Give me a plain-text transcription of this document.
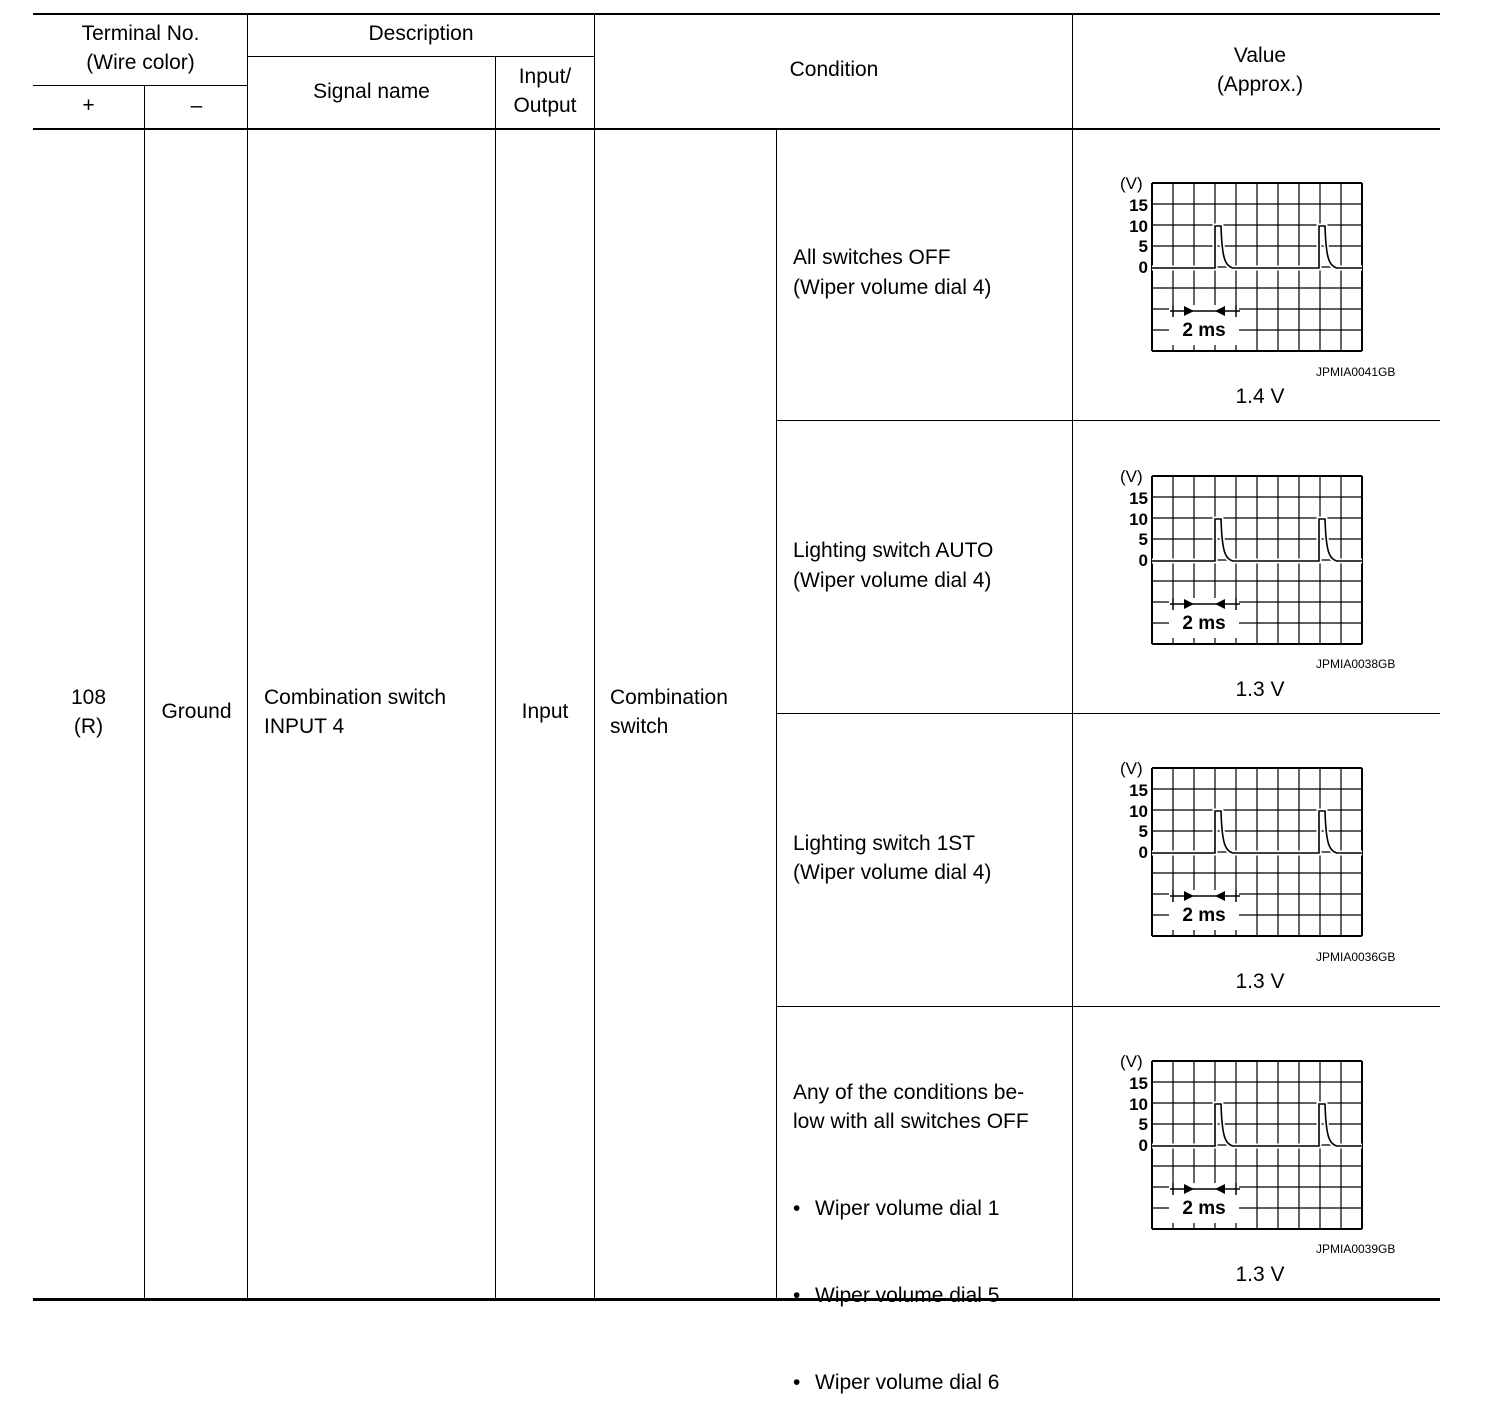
Terminal No.
(Wire color)
+	–
Description
Signal name
Input/
Output
Condition
Value
(Approx.)
108
(R)
Ground
Combination switch
INPUT 4
Input
Combination
switch
All switches OFF
(Wiper volume dial 4)
Lighting switch AUTO
(Wiper volume dial 4)
Lighting switch 1ST
(Wiper volume dial 4)
Any of the conditions be-
low with all switches OFF

• Wiper volume dial 1

• Wiper volume dial 5

• Wiper volume dial 6

(V)
15
10
5
0
2 ms
(V)
15
10
5
0
2 ms
(V)
15
10
5
0
2 ms
(V)
15
10
5
0
2 ms
JPMIA0041GB
JPMIA0038GB
JPMIA0036GB
JPMIA0039GB
1.4 V
1.3 V
1.3 V
1.3 V
